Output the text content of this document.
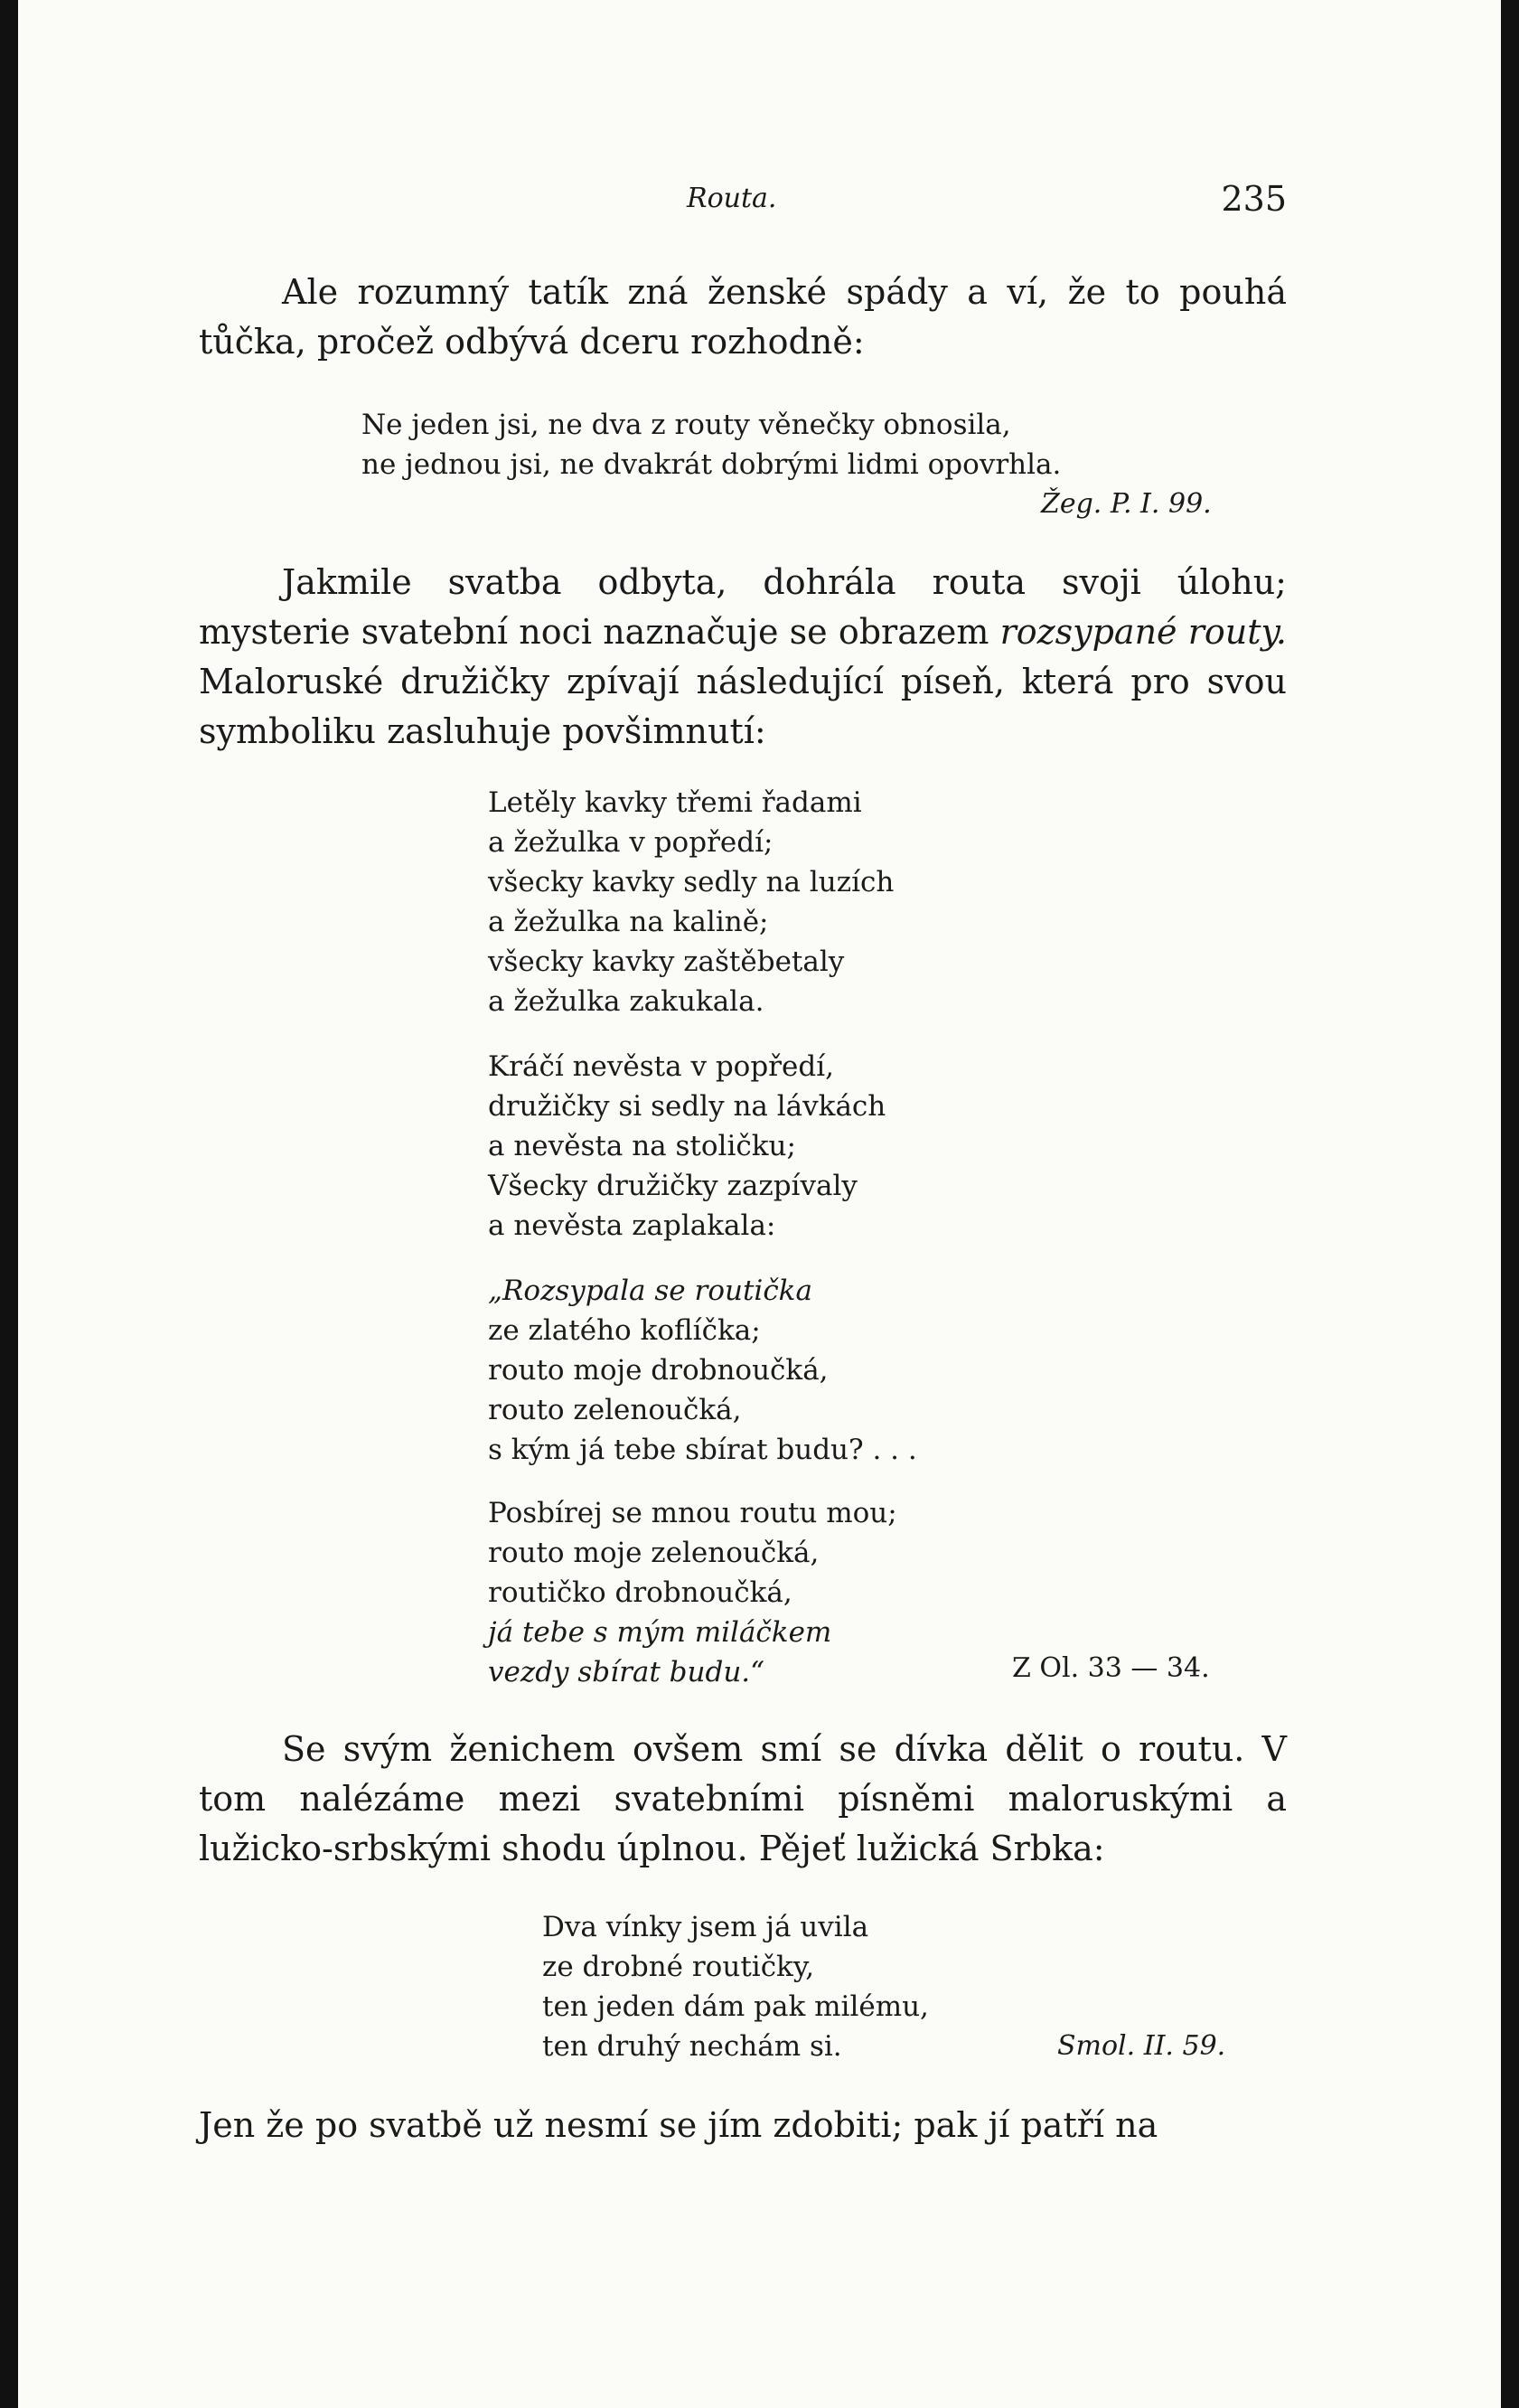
Routa.	235

Ale rozumný tatík zná ženské spády a ví, že to pouhá tůčka, pročež odbývá dceru rozhodně:

Ne jeden jsi, ne dva z routy věnečky obnosila,
ne jednou jsi, ne dvakrát dobrými lidmi opovrhla.
Žeg. P. I. 99.

Jakmile svatba odbyta, dohrála routa svoji úlohu; mysterie svatební noci naznačuje se obrazem rozsypané routy. Maloruské družičky zpívají následující píseň, která pro svou symboliku zasluhuje povšimnutí:

Letěly kavky třemi řadami
a žežulka v popředí;
všecky kavky sedly na luzích
a žežulka na kalině;
všecky kavky zaštěbetaly
a žežulka zakukala.
Kráčí nevěsta v popředí,
družičky si sedly na lávkách
a nevěsta na stoličku;
Všecky družičky zazpívaly
a nevěsta zaplakala:
„Rozsypala se routička
ze zlatého koflíčka;
routo moje drobnoučká,
routo zelenoučká,
s kým já tebe sbírat budu? . . .
Posbírej se mnou routu mou;
routo moje zelenoučká,
routičko drobnoučká,
já tebe s mým miláčkem
vezdy sbírat budu.“	Z Ol. 33 — 34.

Se svým ženichem ovšem smí se dívka dělit o routu. V tom nalézáme mezi svatebními písněmi maloruskými a lužicko-srbskými shodu úplnou. Pějeť lužická Srbka:

Dva vínky jsem já uvila
ze drobné routičky,
ten jeden dám pak milému,
ten druhý nechám si.	Smol. II. 59.

Jen že po svatbě už nesmí se jím zdobiti; pak jí patří na
